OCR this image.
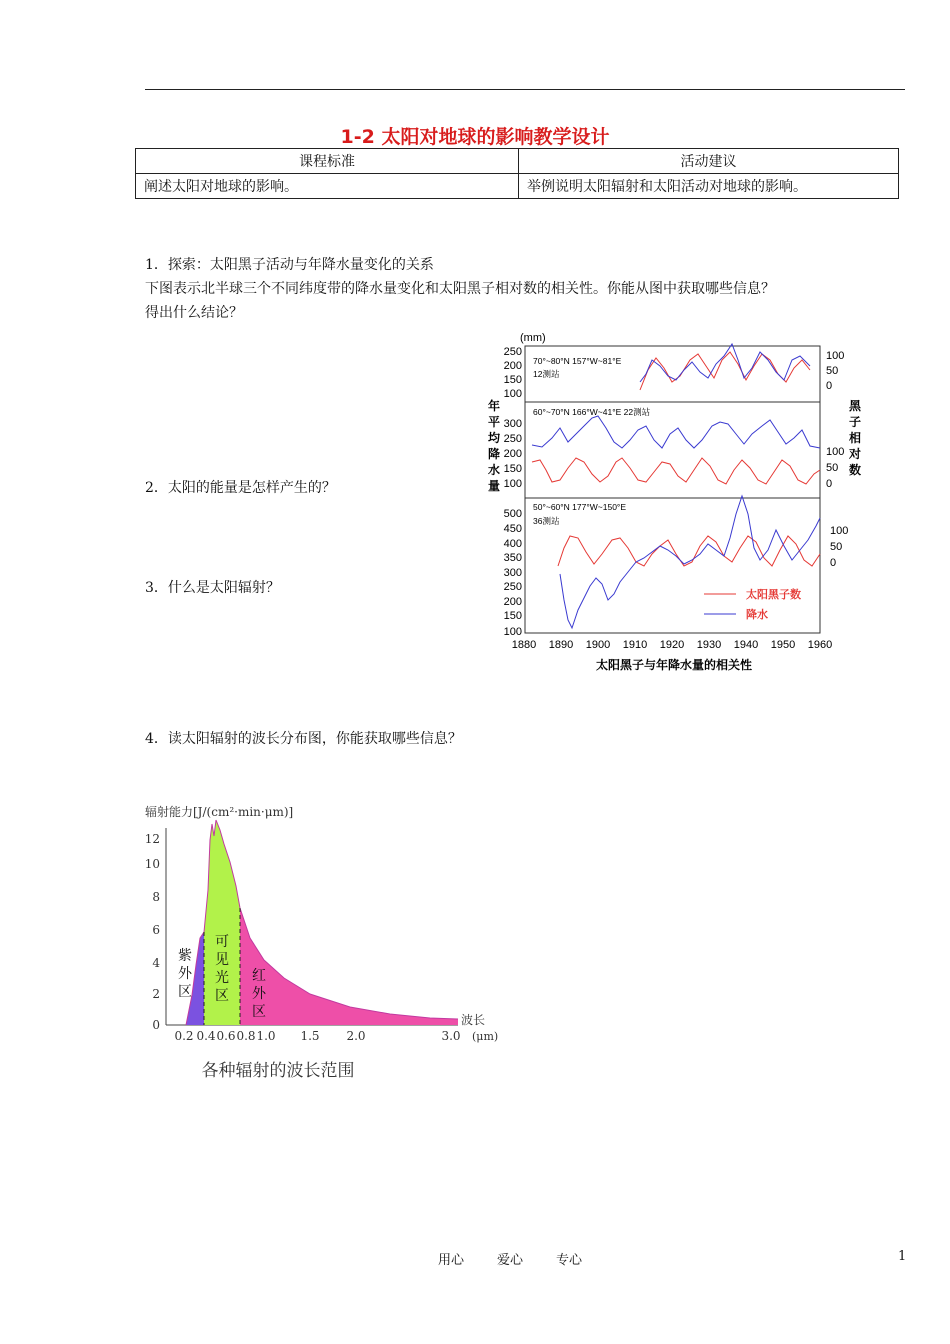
1-2 太阳对地球的影响教学设计
课程标准	活动建议
阐述太阳对地球的影响。	举例说明太阳辐射和太阳活动对地球的影响。
1．探索：太阳黑子活动与年降水量变化的关系
下图表示北半球三个不同纬度带的降水量变化和太阳黑子相对数的相关性。你能从图中获取哪些信息？
得出什么结论？
2．太阳的能量是怎样产生的？
3．什么是太阳辐射？
4．读太阳辐射的波长分布图，你能获取哪些信息？
(mm)
年
平
均
降
水
量
黑
子
相
对
数
70°~80°N 157°W~81°E
12测站
60°~70°N 166°W~41°E 22测站
50°~60°N 177°W~150°E
36测站
250
200
150
100
300
250
200
150
100
500
450
400
350
300
250
200
150
100
100
50
0
100
50
0
100
50
0
太阳黑子数
降水
1880 1890 1900 1910 1920 1930 1940 1950 1960
太阳黑子与年降水量的相关性
辐射能力[J/(cm²·min·μm)]
12
10
8
6
4
2
0
紫
外
区
可
见
光
区
红
外
区
0.2 0.4 0.6 0.8 1.0 1.5 2.0	3.0 (μm)
波长
各种辐射的波长范围
用心	爱心	专心	1
